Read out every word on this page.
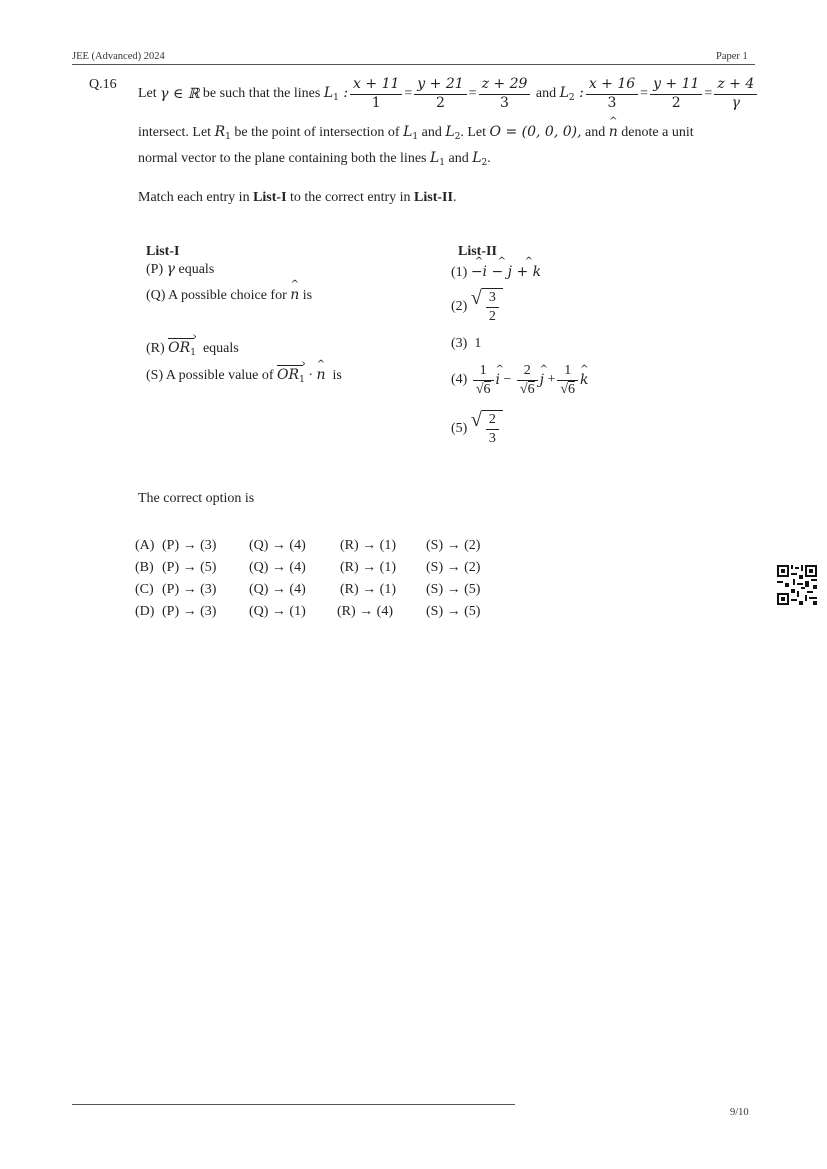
JEE (Advanced) 2024	Paper 1
Q.16
Let
γ ∈ ℝ
be such that the lines
$L_1$ : $\frac{x + 11}{1} = \frac{y + 21}{2} = \frac{z + 29}{3}$
and
$L_2$ : $\frac{x + 16}{3} = \frac{y + 11}{2} = \frac{z + 4}{\gamma}$
intersect. Let $R_1$ be the point of intersection of $L_1$ and $L_2$. Let O = (0, 0, 0), and ^ n denote a unit
normal vector to the plane containing both the lines $L_1$ and $L_2$.
Match each entry in List-I to the correct entry in List-II.
List-I
(P) γ equals
(Q) A possible choice for ^ n is
(R) $OR_1$ › equals
(S) A possible value of $OR_1$ › · ^ n is
List-II
(1) ^ −i ^ − j ^ + k
(2)
√ $\frac{3}{2}$
(3) 1
(4)
$\frac{1}{√6}$ ^ i
−
$\frac{2}{√6}$ ^ j
+ $\frac{1}{√6}$ ^ k
(5)
√ $\frac{2}{3}$
The correct option is
(A) (P) → (3) (Q) → (4) (R) → (1) (S) → (2)
(B) (P) → (5) (Q) → (4) (R) → (1) (S) → (2)
(C) (P) → (3) (Q) → (4) (R) → (1) (S) → (5)
(D) (P) → (3) (Q) → (1) (R) → (4) (S) → (5)
9/10
